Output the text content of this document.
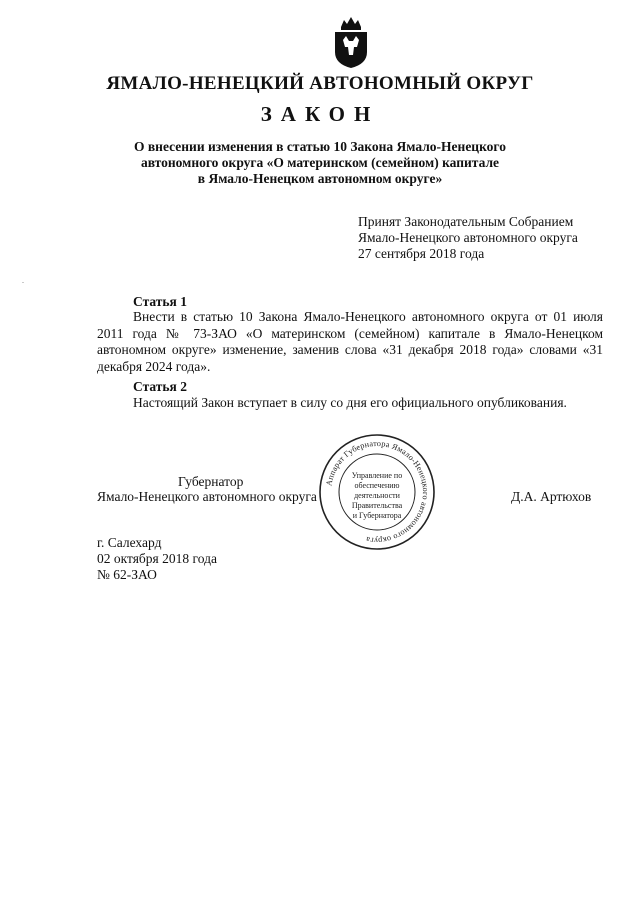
ЯМАЛО-НЕНЕЦКИЙ АВТОНОМНЫЙ ОКРУГ
ЗАКОН
О внесении изменения в статью 10 Закона Ямало-Ненецкого
автономного округа «О материнском (семейном) капитале
в Ямало-Ненецком автономном округе»
Принят Законодательным Собранием
Ямало-Ненецкого автономного округа
27 сентября 2018 года
.
Статья 1
Внести в статью 10 Закона Ямало-Ненецкого автономного округа от 01 июля 2011 года № 73-ЗАО «О материнском (семейном) капитале в Ямало-Ненецком автономном округе» изменение, заменив слова «31 декабря 2018 года» словами «31 декабря 2024 года».
Статья 2
Настоящий Закон вступает в силу со дня его официального опубликования.
Губернатор
Ямало-Ненецкого автономного округа	Д.А. Артюхов
Аппарат Губернатора Ямало-Ненецкого автономного округа
Управление по
обеспечению
деятельности
Правительства
и Губернатора
г. Салехард
02 октября 2018 года
№ 62-ЗАО
